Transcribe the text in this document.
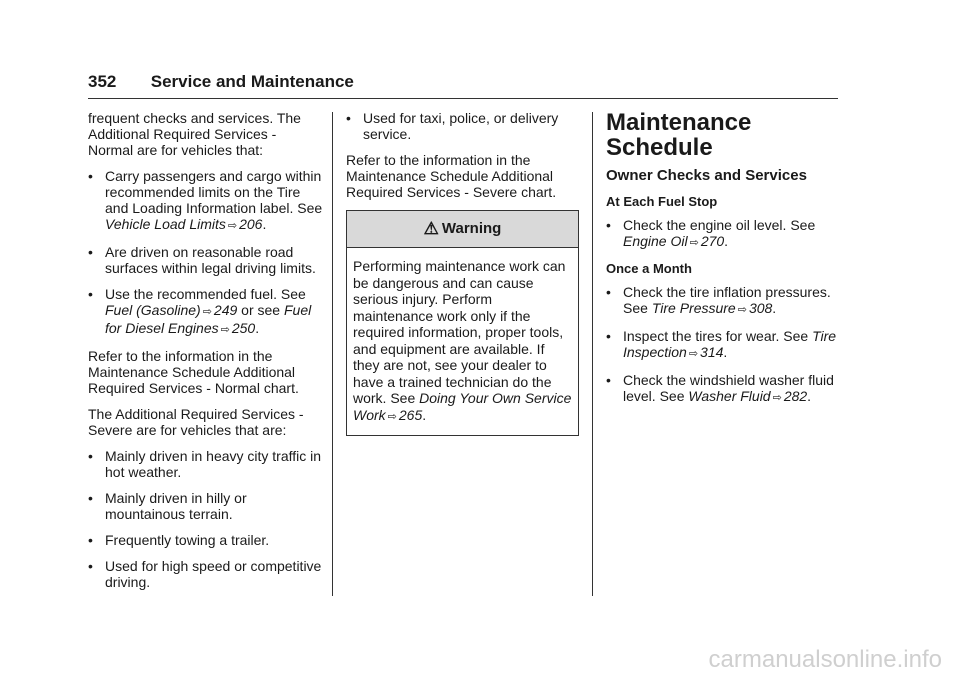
352 Service and Maintenance

frequent checks and services. The Additional Required Services - Normal are for vehicles that:

• Carry passengers and cargo within recommended limits on the Tire and Loading Information label. See Vehicle Load Limits ⇨ 206.
• Are driven on reasonable road surfaces within legal driving limits.
• Use the recommended fuel. See Fuel (Gasoline) ⇨ 249 or see Fuel for Diesel Engines ⇨ 250.

Refer to the information in the Maintenance Schedule Additional Required Services - Normal chart.

The Additional Required Services - Severe are for vehicles that are:

• Mainly driven in heavy city traffic in hot weather.
• Mainly driven in hilly or mountainous terrain.
• Frequently towing a trailer.
• Used for high speed or competitive driving.
• Used for taxi, police, or delivery service.

Refer to the information in the Maintenance Schedule Additional Required Services - Severe chart.

⚠ Warning
Performing maintenance work can be dangerous and can cause serious injury. Perform maintenance work only if the required information, proper tools, and equipment are available. If they are not, see your dealer to have a trained technician do the work. See Doing Your Own Service Work ⇨ 265.
Maintenance
Schedule
Owner Checks and Services
At Each Fuel Stop
• Check the engine oil level. See Engine Oil ⇨ 270.
Once a Month
• Check the tire inflation pressures. See Tire Pressure ⇨ 308.
• Inspect the tires for wear. See Tire Inspection ⇨ 314.
• Check the windshield washer fluid level. See Washer Fluid ⇨ 282.
carmanualsonline.info
